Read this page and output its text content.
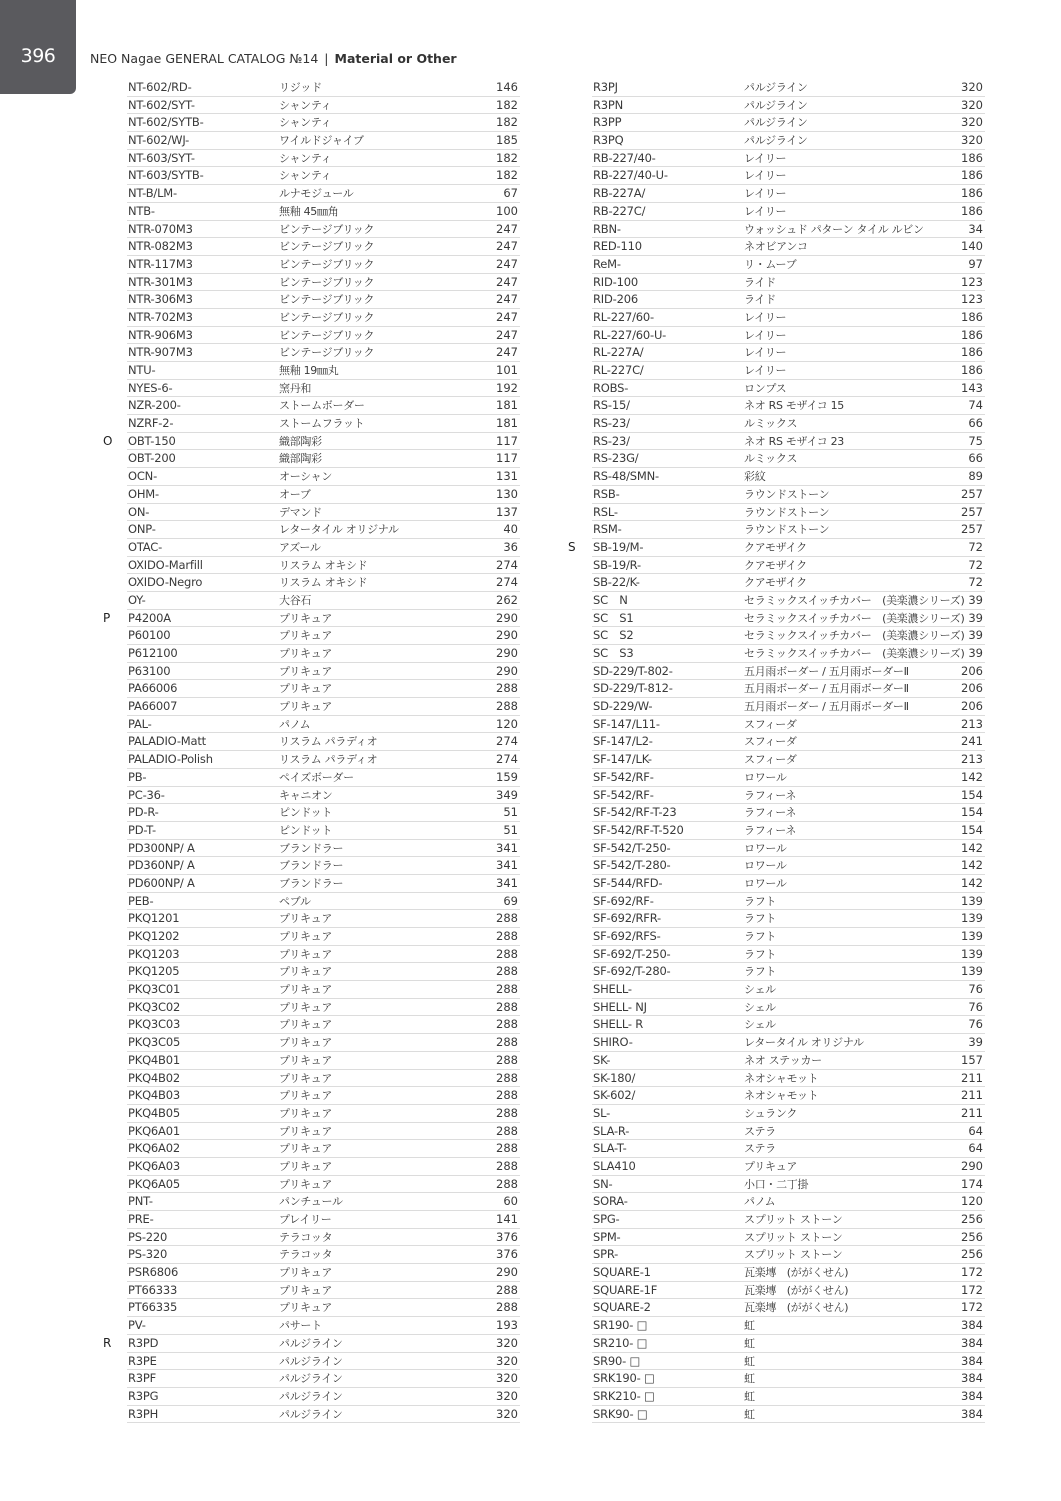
396	NEO Nagae GENERAL CATALOG №14 | Material or Other
NT-602/RD-	リジッド	146
NT-602/SYT-	シャンティ	182
NT-602/SYTB-	シャンティ	182
NT-602/WJ-	ワイルドジャイブ	185
NT-603/SYT-	シャンティ	182
NT-603/SYTB-	シャンティ	182
NT-B/LM-	ルナモジュール	67
NTB-	無釉 45㎜角	100
NTR-070M3	ビンテージブリック	247
NTR-082M3	ビンテージブリック	247
NTR-117M3	ビンテージブリック	247
NTR-301M3	ビンテージブリック	247
NTR-306M3	ビンテージブリック	247
NTR-702M3	ビンテージブリック	247
NTR-906M3	ビンテージブリック	247
NTR-907M3	ビンテージブリック	247
NTU-	無釉 19㎜丸	101
NYES-6-	窯丹和	192
NZR-200-	ストームボーダー	181
NZRF-2-	ストームフラット	181
O OBT-150	織部陶彩	117
OBT-200	織部陶彩	117
OCN-	オーシャン	131
OHM-	オーブ	130
ON-	デマンド	137
ONP-	レタータイル オリジナル	40
OTAC-	アズール	36
OXIDO-Marfill	リスラム オキシド	274
OXIDO-Negro	リスラム オキシド	274
OY-	大谷石	262
P P4200A	プリキュア	290
P60100	プリキュア	290
P612100	プリキュア	290
P63100	プリキュア	290
PA66006	プリキュア	288
PA66007	プリキュア	288
PAL-	パノム	120
PALADIO-Matt	リスラム パラディオ	274
PALADIO-Polish	リスラム パラディオ	274
PB-	ペイズボーダー	159
PC-36-	キャニオン	349
PD-R-	ピンドット	51
PD-T-	ピンドット	51
PD300NP/ A	ブランドラー	341
PD360NP/ A	ブランドラー	341
PD600NP/ A	ブランドラー	341
PEB-	ペブル	69
PKQ1201	プリキュア	288
PKQ1202	プリキュア	288
PKQ1203	プリキュア	288
PKQ1205	プリキュア	288
PKQ3C01	プリキュア	288
PKQ3C02	プリキュア	288
PKQ3C03	プリキュア	288
PKQ3C05	プリキュア	288
PKQ4B01	プリキュア	288
PKQ4B02	プリキュア	288
PKQ4B03	プリキュア	288
PKQ4B05	プリキュア	288
PKQ6A01	プリキュア	288
PKQ6A02	プリキュア	288
PKQ6A03	プリキュア	288
PKQ6A05	プリキュア	288
PNT-	パンチュール	60
PRE-	プレイリー	141
PS-220	テラコッタ	376
PS-320	テラコッタ	376
PSR6806	プリキュア	290
PT66333	プリキュア	288
PT66335	プリキュア	288
PV-	パサート	193
R R3PD	パルジライン	320
R3PE	パルジライン	320
R3PF	パルジライン	320
R3PG	パルジライン	320
R3PH	パルジライン	320
R3PJ	パルジライン	320
R3PN	パルジライン	320
R3PP	パルジライン	320
R3PQ	パルジライン	320
RB-227/40-	レイリー	186
RB-227/40-U-	レイリー	186
RB-227A/	レイリー	186
RB-227C/	レイリー	186
RBN-	ウォッシュド パターン タイル ルビン	34
RED-110	ネオビアンコ	140
ReM-	リ・ムーブ	97
RID-100	ライド	123
RID-206	ライド	123
RL-227/60-	レイリー	186
RL-227/60-U-	レイリー	186
RL-227A/	レイリー	186
RL-227C/	レイリー	186
ROBS-	ロンプス	143
RS-15/	ネオ RS モザイコ 15	74
RS-23/	ルミックス	66
RS-23/	ネオ RS モザイコ 23	75
RS-23G/	ルミックス	66
RS-48/SMN-	彩紋	89
RSB-	ラウンドストーン	257
RSL-	ラウンドストーン	257
RSM-	ラウンドストーン	257
S SB-19/M-	クアモザイク	72
SB-19/R-	クアモザイク	72
SB-22/K-	クアモザイク	72
SC　N	セラミックスイッチカバー　(美楽濃シリーズ) 39
SC　S1	セラミックスイッチカバー　(美楽濃シリーズ) 39
SC　S2	セラミックスイッチカバー　(美楽濃シリーズ) 39
SC　S3	セラミックスイッチカバー　(美楽濃シリーズ) 39
SD-229/T-802-	五月雨ボーダー / 五月雨ボーダーⅡ	206
SD-229/T-812-	五月雨ボーダー / 五月雨ボーダーⅡ	206
SD-229/W-	五月雨ボーダー / 五月雨ボーダーⅡ	206
SF-147/L11-	スフィーダ	213
SF-147/L2-	スフィーダ	241
SF-147/LK-	スフィーダ	213
SF-542/RF-	ロワール	142
SF-542/RF-	ラフィーネ	154
SF-542/RF-T-23	ラフィーネ	154
SF-542/RF-T-520	ラフィーネ	154
SF-542/T-250-	ロワール	142
SF-542/T-280-	ロワール	142
SF-544/RFD-	ロワール	142
SF-692/RF-	ラフト	139
SF-692/RFR-	ラフト	139
SF-692/RFS-	ラフト	139
SF-692/T-250-	ラフト	139
SF-692/T-280-	ラフト	139
SHELL-	シェル	76
SHELL- NJ	シェル	76
SHELL- R	シェル	76
SHIRO-	レタータイル オリジナル	39
SK-	ネオ ステッカー	157
SK-180/	ネオシャモット	211
SK-602/	ネオシャモット	211
SL-	シュランク	211
SLA-R-	ステラ	64
SLA-T-	ステラ	64
SLA410	プリキュア	290
SN-	小口・二丁掛	174
SORA-	パノム	120
SPG-	スプリット ストーン	256
SPM-	スプリット ストーン	256
SPR-	スプリット ストーン	256
SQUARE-1	瓦楽塼　(ががくせん)	172
SQUARE-1F	瓦楽塼　(ががくせん)	172
SQUARE-2	瓦楽塼　(ががくせん)	172
SR190- □	虹	384
SR210- □	虹	384
SR90- □	虹	384
SRK190- □	虹	384
SRK210- □	虹	384
SRK90- □	虹	384
